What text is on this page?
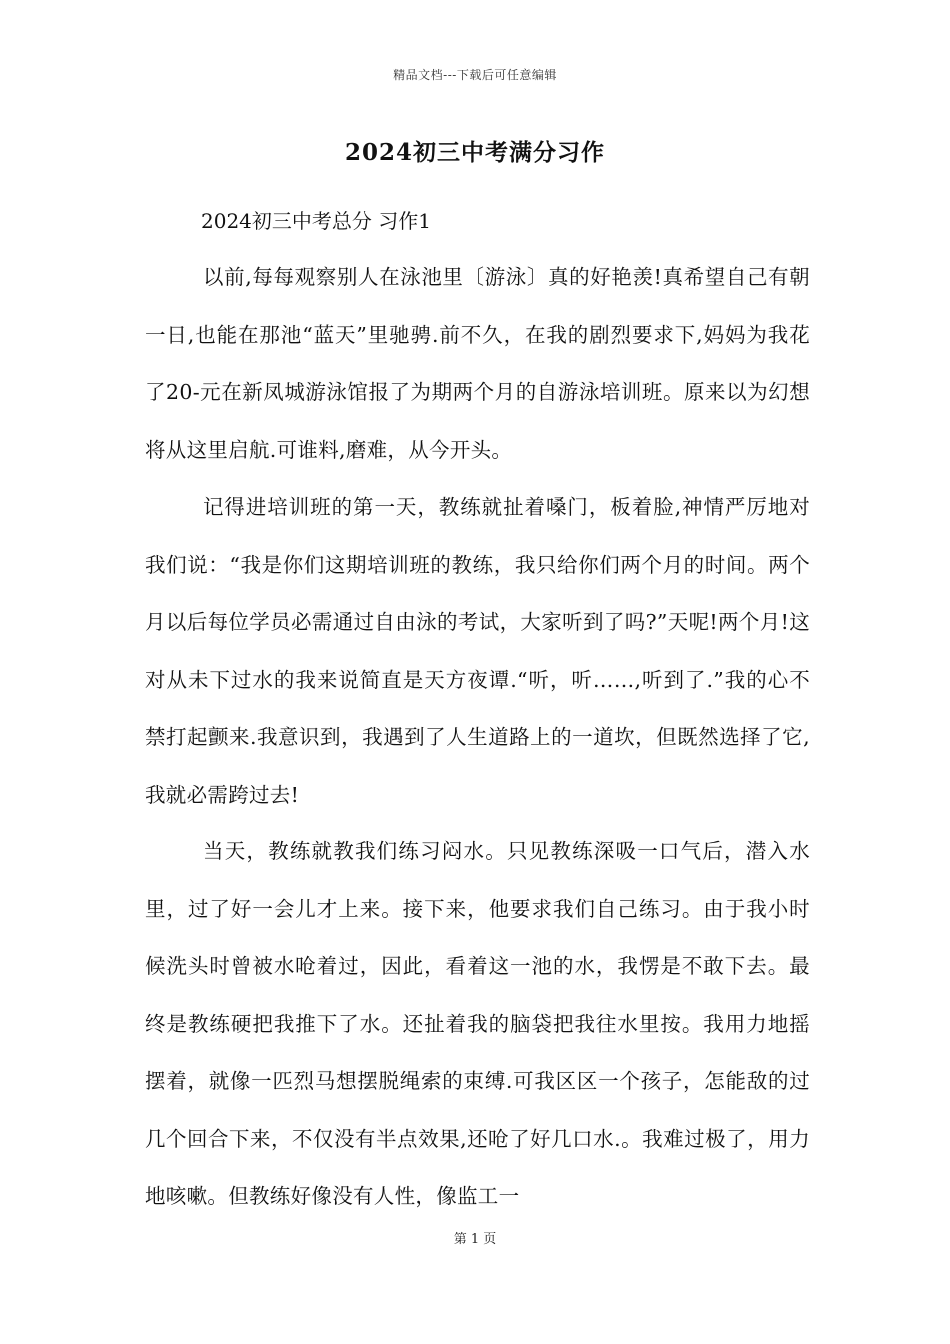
精品文档---下载后可任意编辑
2024初三中考满分习作
2024初三中考总分 习作1

以前,每每观察别人在泳池里〔游泳〕真的好艳羡!真希望自己有朝一日,也能在那池“蓝天”里驰骋.前不久，在我的剧烈要求下,妈妈为我花了20-元在新凤城游泳馆报了为期两个月的自游泳培训班。原来以为幻想将从这里启航.可谁料,磨难，从今开头。

记得进培训班的第一天，教练就扯着嗓门，板着脸,神情严厉地对我们说：“我是你们这期培训班的教练，我只给你们两个月的时间。两个月以后每位学员必需通过自由泳的考试，大家听到了吗?”天呢!两个月!这对从未下过水的我来说简直是天方夜谭.“听，听……,听到了.”我的心不禁打起颤来.我意识到，我遇到了人生道路上的一道坎，但既然选择了它,我就必需跨过去!

当天，教练就教我们练习闷水。只见教练深吸一口气后，潜入水里，过了好一会儿才上来。接下来，他要求我们自己练习。由于我小时候洗头时曾被水呛着过，因此，看着这一池的水，我愣是不敢下去。最终是教练硬把我推下了水。还扯着我的脑袋把我往水里按。我用力地摇摆着，就像一匹烈马想摆脱绳索的束缚.可我区区一个孩子，怎能敌的过几个回合下来，不仅没有半点效果,还呛了好几口水.。我难过极了，用力地咳嗽。但教练好像没有人性，像监工一

第 1 页
